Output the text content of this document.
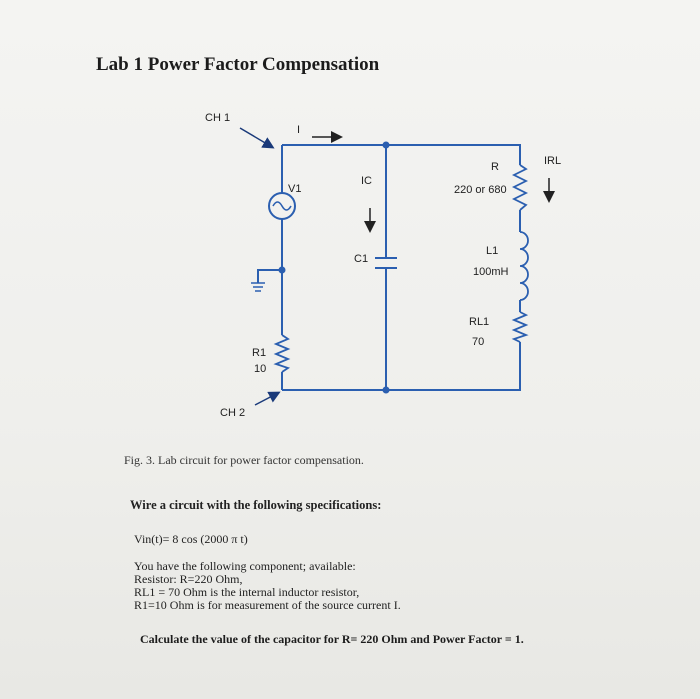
Lab 1 Power Factor Compensation
CH 1
CH 2
I
V1
IC
C1
R
220 or 680
IRL
L1
100mH
RL1
70
R1
10
Fig. 3. Lab circuit for power factor compensation.
Wire a circuit with the following specifications:
Vin(t)= 8 cos (2000 π t)
You have the following component; available:
Resistor: R=220 Ohm,
RL1 = 70 Ohm is the internal inductor resistor,
R1=10 Ohm is for measurement of the source current I.
Calculate the value of the capacitor for R= 220 Ohm and Power Factor = 1.
